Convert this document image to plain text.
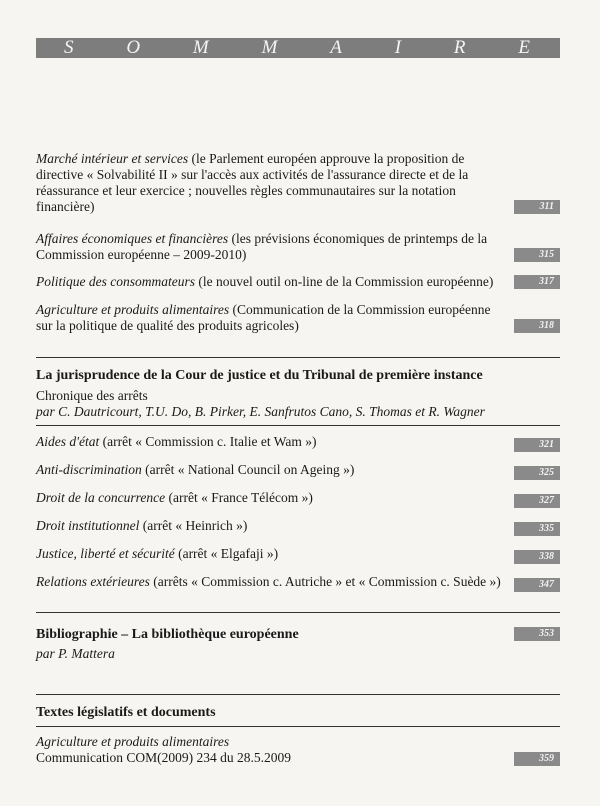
S	O	M	M	A	I	R	E
Marché intérieur et services (le Parlement européen approuve la proposition de directive « Solvabilité II » sur l'accès aux activités de l'assurance directe et de la réassurance et leur exercice ; nouvelles règles communautaires sur la notation financière)	311
Affaires économiques et financières (les prévisions économiques de printemps de la Commission européenne – 2009-2010)	315
Politique des consommateurs (le nouvel outil on-line de la Commission européenne)	317
Agriculture et produits alimentaires (Communication de la Commission européenne sur la politique de qualité des produits agricoles)	318
La jurisprudence de la Cour de justice et du Tribunal de première instance
Chronique des arrêts
par C. Dautricourt, T.U. Do, B. Pirker, E. Sanfrutos Cano, S. Thomas et R. Wagner
Aides d'état (arrêt « Commission c. Italie et Wam »)	321
Anti-discrimination (arrêt « National Council on Ageing »)	325
Droit de la concurrence (arrêt « France Télécom »)	327
Droit institutionnel (arrêt « Heinrich »)	335
Justice, liberté et sécurité (arrêt « Elgafaji »)	338
Relations extérieures (arrêts « Commission c. Autriche » et « Commission c. Suède »)	347
Bibliographie – La bibliothèque européenne	353
par P. Mattera
Textes législatifs et documents
Agriculture et produits alimentaires
Communication COM(2009) 234 du 28.5.2009	359
